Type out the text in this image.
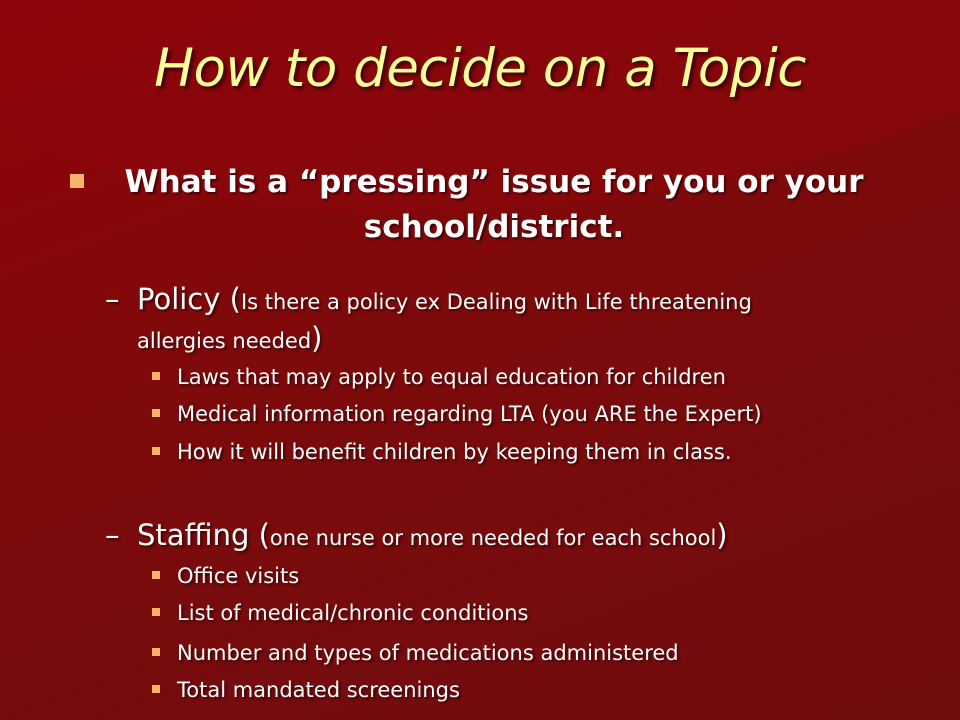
How to decide on a Topic
What is a “pressing” issue for you or your school/district.
– Policy (Is there a policy ex Dealing with Life threatening
allergies needed)
Laws that may apply to equal education for children
Medical information regarding LTA (you ARE the Expert)
How it will benefit children by keeping them in class.
– Staffing (one nurse or more needed for each school)
Office visits
List of medical/chronic conditions
Number and types of medications administered
Total mandated screenings
